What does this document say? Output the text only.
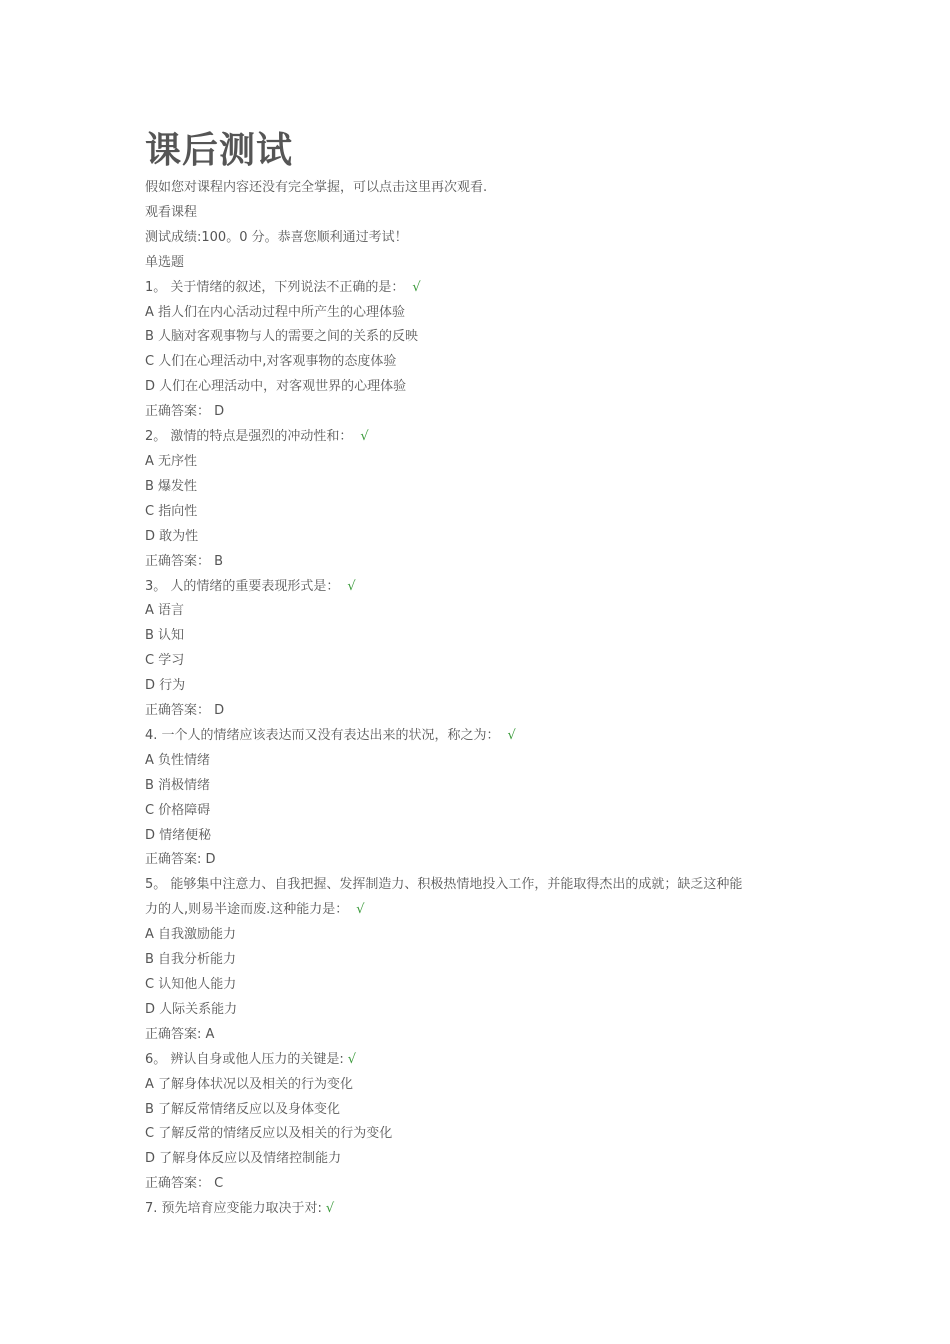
课后测试
假如您对课程内容还没有完全掌握，可以点击这里再次观看.
观看课程
测试成绩:100。0 分。恭喜您顺利通过考试！
单选题
1。 关于情绪的叙述，下列说法不正确的是： √
A 指人们在内心活动过程中所产生的心理体验
B 人脑对客观事物与人的需要之间的关系的反映
C 人们在心理活动中,对客观事物的态度体验
D 人们在心理活动中，对客观世界的心理体验
正确答案： D
2。 激情的特点是强烈的冲动性和： √
A 无序性
B 爆发性
C 指向性
D 敢为性
正确答案： B
3。 人的情绪的重要表现形式是： √
A 语言
B 认知
C 学习
D 行为
正确答案： D
4. 一个人的情绪应该表达而又没有表达出来的状况，称之为： √
A 负性情绪
B 消极情绪
C 价格障碍
D 情绪便秘
正确答案: D
5。 能够集中注意力、自我把握、发挥制造力、积极热情地投入工作，并能取得杰出的成就；缺乏这种能
力的人,则易半途而废.这种能力是： √
A 自我激励能力
B 自我分析能力
C 认知他人能力
D 人际关系能力
正确答案: A
6。 辨认自身或他人压力的关键是: √
A 了解身体状况以及相关的行为变化
B 了解反常情绪反应以及身体变化
C 了解反常的情绪反应以及相关的行为变化
D 了解身体反应以及情绪控制能力
正确答案： C
7. 预先培育应变能力取决于对: √
